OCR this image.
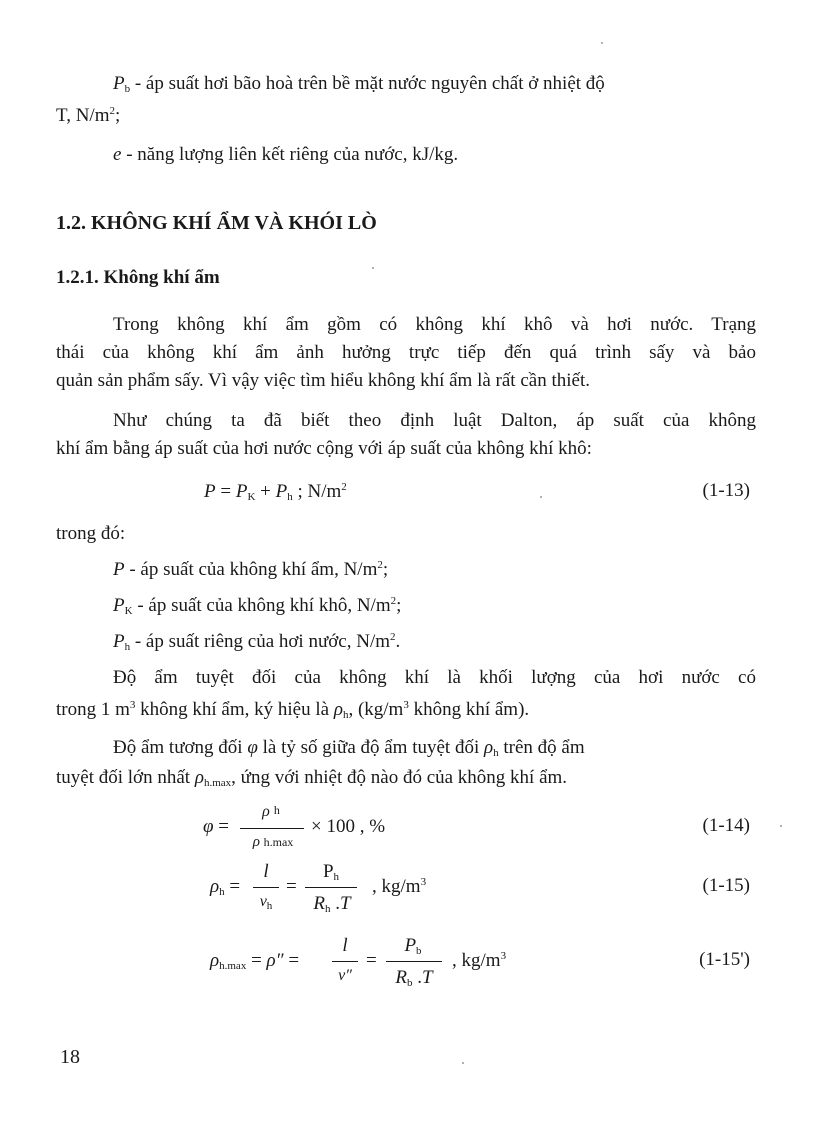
$P_b$ - áp suất hơi bão hoà trên bề mặt nước nguyên chất ở nhiệt độ
T, $N/m^2$;
e - năng lượng liên kết riêng của nước, kJ/kg.
1.2. KHÔNG KHÍ ẨM VÀ KHÓI LÒ
1.2.1. Không khí ẩm
Trong không khí ẩm gồm có không khí khô và hơi nước. Trạng
thái của không khí ẩm ảnh hưởng trực tiếp đến quá trình sấy và bảo
quản sản phẩm sấy. Vì vậy việc tìm hiểu không khí ẩm là rất cần thiết.
Như chúng ta đã biết theo định luật Dalton, áp suất của không
khí ẩm bằng áp suất của hơi nước cộng với áp suất của không khí khô:
$P = P_K + P_h$ ; $N/m^2$	(1-13)
trong đó:
P - áp suất của không khí ẩm, $N/m^2$;
$P_K$ - áp suất của không khí khô, $N/m^2$;
$P_h$ - áp suất riêng của hơi nước, $N/m^2$.
Độ ẩm tuyệt đối của không khí là khối lượng của hơi nước có
trong 1 $m^3$ không khí ẩm, ký hiệu là $\rho_h$, ($kg/m^3$ không khí ẩm).
Độ ẩm tương đối φ là tỷ số giữa độ ẩm tuyệt đối $\rho_h$ trên độ ẩm
tuyệt đối lớn nhất $\rho_{h.max}$, ứng với nhiệt độ nào đó của không khí ẩm.
φ =
ρ $_h$
ρ h.max
× 100 , %	(1-14)
$\rho_h$ =
l
$v_h$
=
$P_h$
$R_h$ .T
, $kg/m^3$	(1-15)
$\rho_{h.max} = \rho''$ =
l
v″
=
$P_b$
$R_b$ .T
, $kg/m^3$	(1-15')
18
